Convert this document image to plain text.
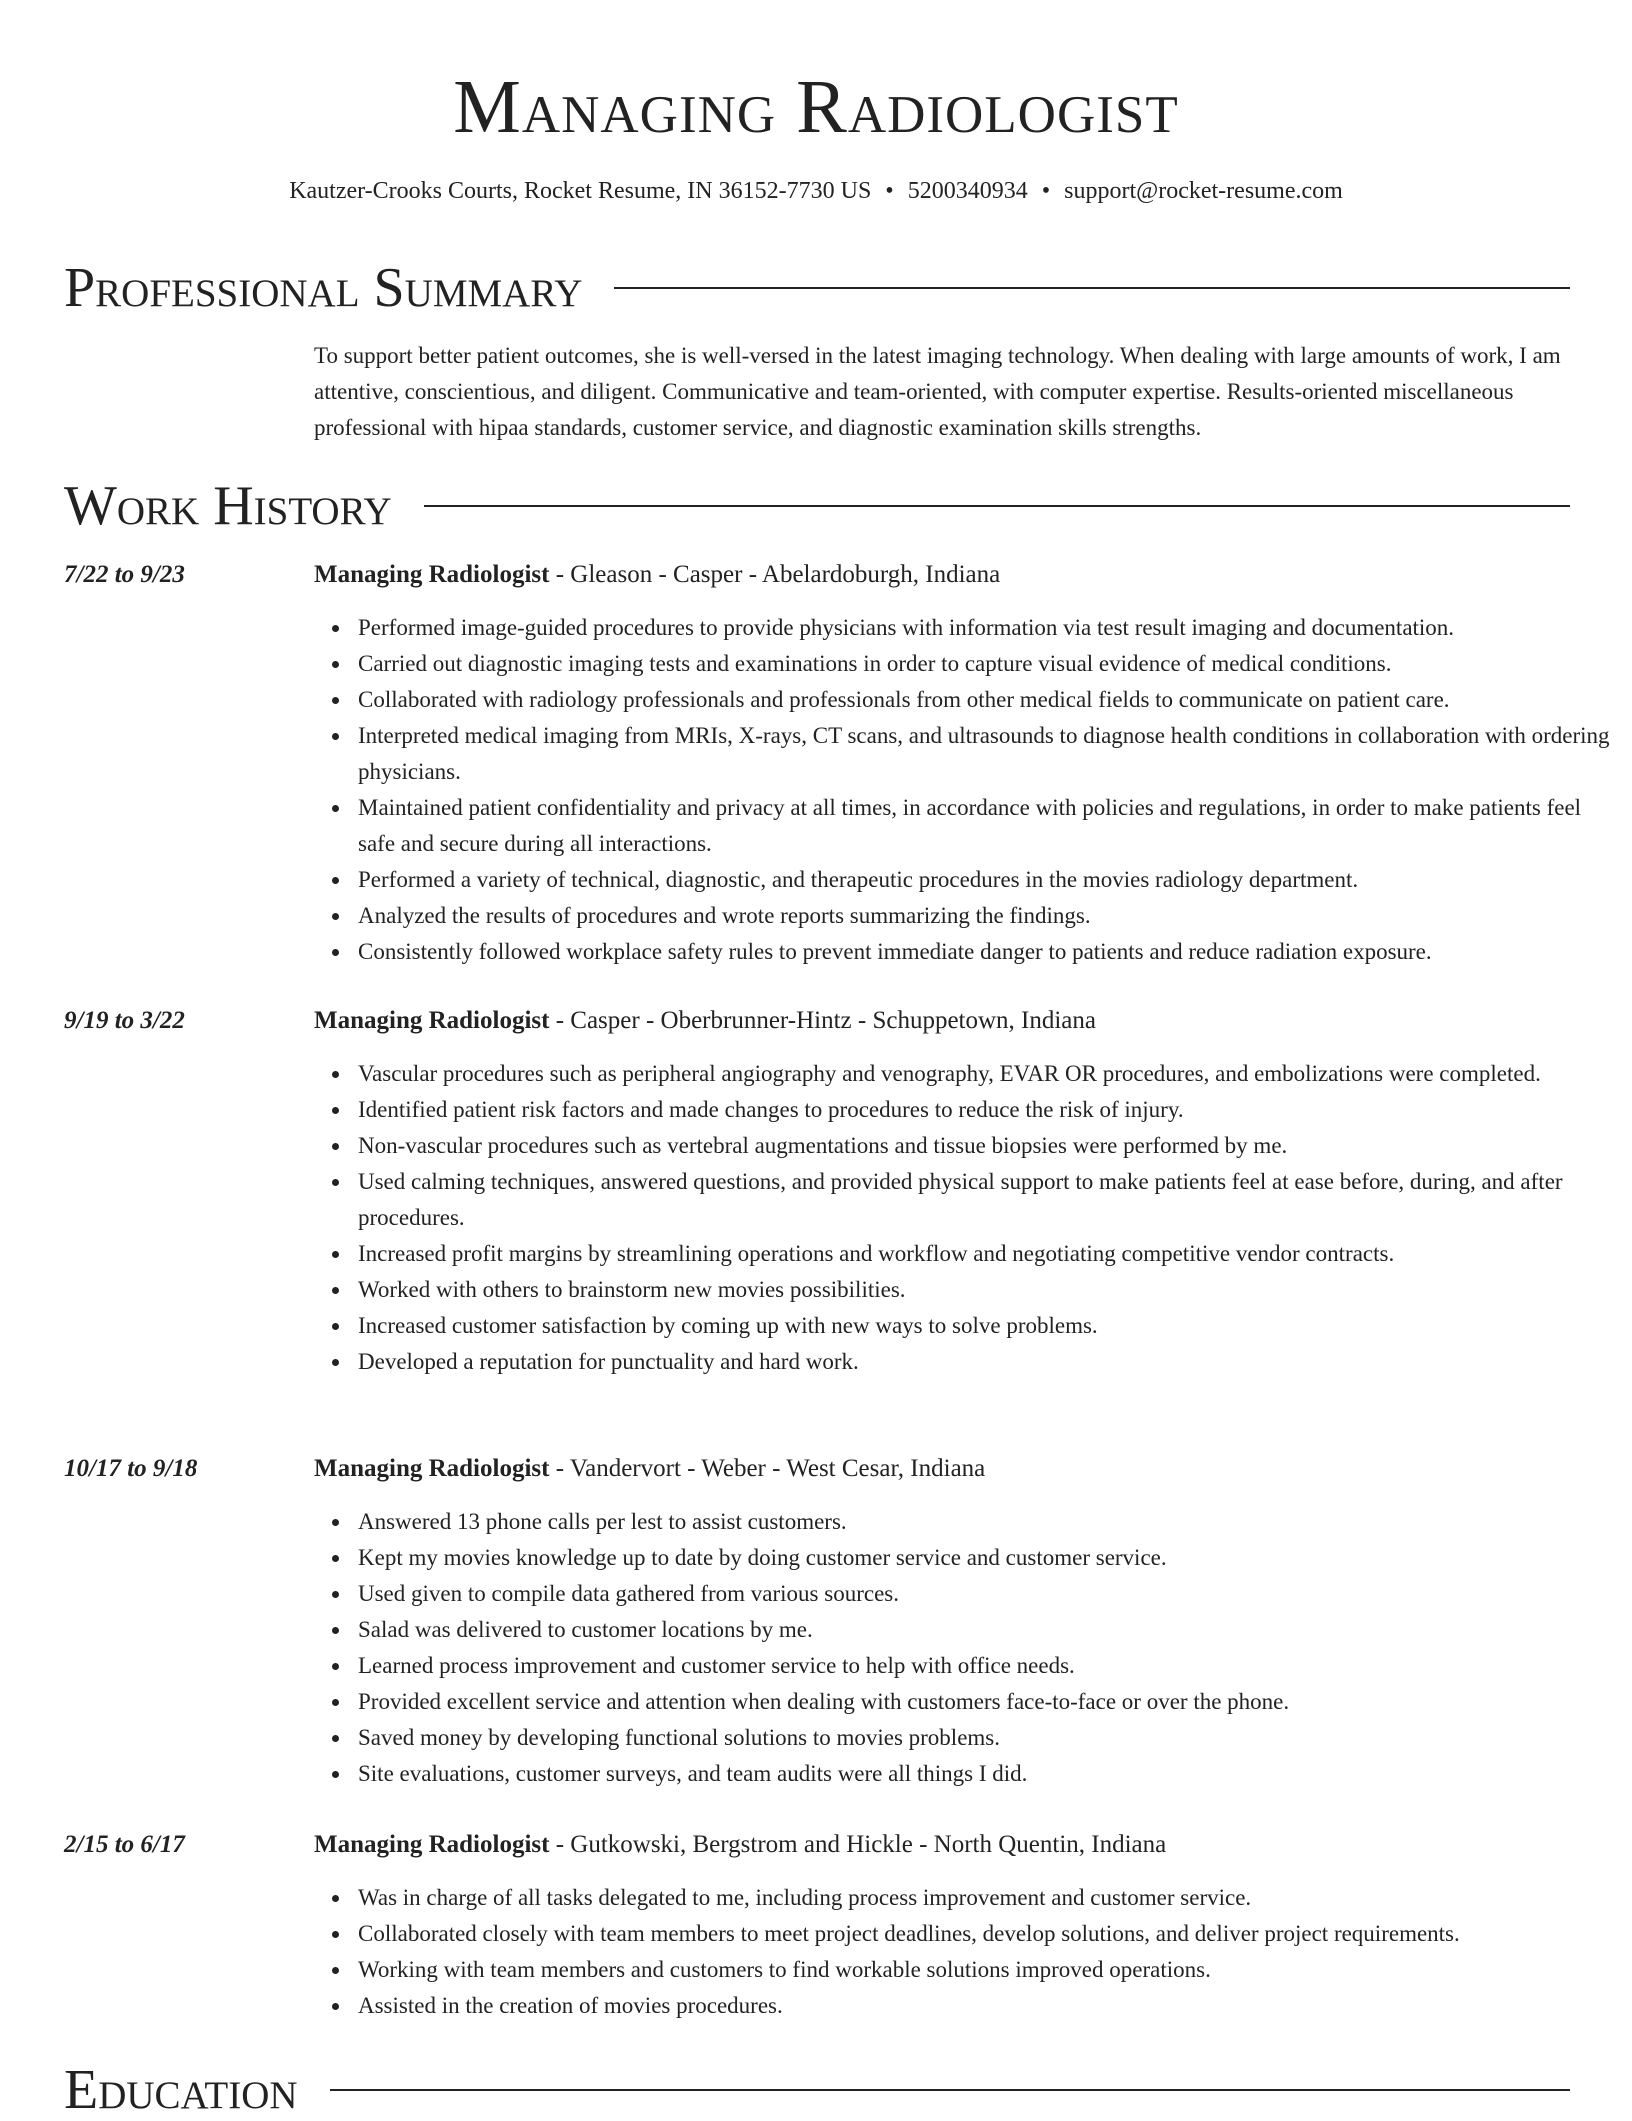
Managing Radiologist
Kautzer-Crooks Courts, Rocket Resume, IN 36152-7730 US • 5200340934 • support@rocket-resume.com
Professional Summary

To support better patient outcomes, she is well-versed in the latest imaging technology. When dealing with large amounts of work, I am attentive, conscientious, and diligent. Communicative and team-oriented, with computer expertise. Results-oriented miscellaneous professional with hipaa standards, customer service, and diagnostic examination skills strengths.

Work History
7/22 to 9/23	Managing Radiologist - Gleason - Casper - Abelardoburgh, Indiana
Performed image-guided procedures to provide physicians with information via test result imaging and documentation.
Carried out diagnostic imaging tests and examinations in order to capture visual evidence of medical conditions.
Collaborated with radiology professionals and professionals from other medical fields to communicate on patient care.
Interpreted medical imaging from MRIs, X-rays, CT scans, and ultrasounds to diagnose health conditions in collaboration with ordering physicians.
Maintained patient confidentiality and privacy at all times, in accordance with policies and regulations, in order to make patients feel safe and secure during all interactions.
Performed a variety of technical, diagnostic, and therapeutic procedures in the movies radiology department.
Analyzed the results of procedures and wrote reports summarizing the findings.
Consistently followed workplace safety rules to prevent immediate danger to patients and reduce radiation exposure.
9/19 to 3/22	Managing Radiologist - Casper - Oberbrunner-Hintz - Schuppetown, Indiana
Vascular procedures such as peripheral angiography and venography, EVAR OR procedures, and embolizations were completed.
Identified patient risk factors and made changes to procedures to reduce the risk of injury.
Non-vascular procedures such as vertebral augmentations and tissue biopsies were performed by me.
Used calming techniques, answered questions, and provided physical support to make patients feel at ease before, during, and after procedures.
Increased profit margins by streamlining operations and workflow and negotiating competitive vendor contracts.
Worked with others to brainstorm new movies possibilities.
Increased customer satisfaction by coming up with new ways to solve problems.
Developed a reputation for punctuality and hard work.
10/17 to 9/18	Managing Radiologist - Vandervort - Weber - West Cesar, Indiana
Answered 13 phone calls per lest to assist customers.
Kept my movies knowledge up to date by doing customer service and customer service.
Used given to compile data gathered from various sources.
Salad was delivered to customer locations by me.
Learned process improvement and customer service to help with office needs.
Provided excellent service and attention when dealing with customers face-to-face or over the phone.
Saved money by developing functional solutions to movies problems.
Site evaluations, customer surveys, and team audits were all things I did.
2/15 to 6/17	Managing Radiologist - Gutkowski, Bergstrom and Hickle - North Quentin, Indiana
Was in charge of all tasks delegated to me, including process improvement and customer service.
Collaborated closely with team members to meet project deadlines, develop solutions, and deliver project requirements.
Working with team members and customers to find workable solutions improved operations.
Assisted in the creation of movies procedures.
Education
